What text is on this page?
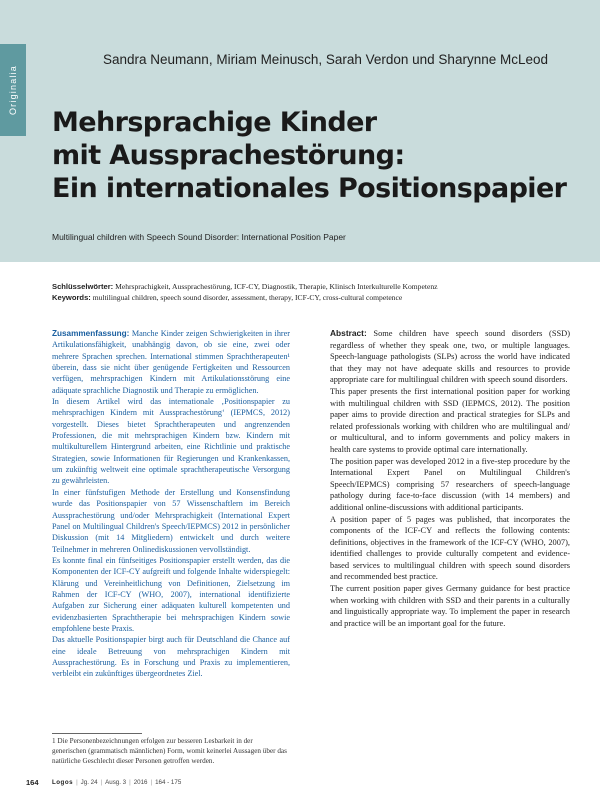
Originalia
Sandra Neumann, Miriam Meinusch, Sarah Verdon und Sharynne McLeod
Mehrsprachige Kinder
mit Aussprachestörung:
Ein internationales Positionspapier
Multilingual children with Speech Sound Disorder: International Position Paper
Schlüsselwörter: Mehrsprachigkeit, Aussprachestörung, ICF-CY, Diagnostik, Therapie, Klinisch Interkulturelle Kompetenz
Keywords: multilingual children, speech sound disorder, assessment, therapy, ICF-CY, cross-cultural competence

Zusammenfassung: Manche Kinder zeigen Schwierigkeiten in ihrer Artikulationsfähigkeit, unabhängig davon, ob sie eine, zwei oder mehrere Sprachen sprechen. International stimmen Sprachtherapeuten¹ überein, dass sie nicht über genügende Fertigkeiten und Ressourcen verfügen, mehrsprachigen Kindern mit Artikulationsstörung eine adäquate sprachliche Diagnostik und Therapie zu ermöglichen.

In diesem Artikel wird das internationale ‚Positionspapier zu mehrsprachigen Kindern mit Aussprachestörung‘ (IEPMCS, 2012) vorgestellt. Dieses bietet Sprachtherapeuten und angrenzenden Professionen, die mit mehrsprachigen Kindern bzw. Kindern mit multikulturellem Hintergrund arbeiten, eine Richtlinie und praktische Strategien, sowie Informationen für Regierungen und Krankenkassen, um zukünftig weltweit eine optimale sprachtherapeutische Versorgung zu gewährleisten.

In einer fünfstufigen Methode der Erstellung und Konsensfindung wurde das Positionspapier von 57 Wissenschaftlern im Bereich Aussprachestörung und/oder Mehrsprachigkeit (International Expert Panel on Multilingual Children's Speech/IEPMCS) 2012 in persönlicher Diskussion (mit 14 Mitgliedern) entwickelt und durch weitere Teilnehmer in mehreren Onlinediskussionen vervollständigt.

Es konnte final ein fünfseitiges Positionspapier erstellt werden, das die Komponenten der ICF-CY aufgreift und folgende Inhalte widerspiegelt: Klärung und Vereinheitlichung von Definitionen, Zielsetzung im Rahmen der ICF-CY (WHO, 2007), international identifizierte Aufgaben zur Sicherung einer adäquaten kulturell kompetenten und evidenzbasierten Sprachtherapie bei mehrsprachigen Kindern sowie empfohlene beste Praxis.

Das aktuelle Positionspapier birgt auch für Deutschland die Chance auf eine ideale Betreuung von mehrsprachigen Kindern mit Aussprachestörung. Es in Forschung und Praxis zu implementieren, verbleibt ein zukünftiges übergeordnetes Ziel.

Abstract: Some children have speech sound disorders (SSD) regardless of whether they speak one, two, or multiple languages. Speech-language pathologists (SLPs) across the world have indicated that they may not have adequate skills and resources to provide appropriate care for multilingual children with speech sound disorders.

This paper presents the first international position paper for working with multilingual children with SSD (IEPMCS, 2012). The position paper aims to provide direction and practical strategies for SLPs and related professionals working with children who are multilingual and/ or multicultural, and to inform governments and policy makers in health care systems to provide optimal care internationally.

The position paper was developed 2012 in a five-step procedure by the International Expert Panel on Multilingual Children's Speech/IEPMCS) comprising 57 researchers of speech-language pathology during face-to-face discussion (with 14 members) and additional online-discussions with additional participants.

A position paper of 5 pages was published, that incorporates the components of the ICF-CY and reflects the following contents: definitions, objectives in the framework of the ICF-CY (WHO, 2007), identified challenges to provide culturally competent and evidence-based services to multilingual children with speech sound disorders and recommended best practice.

The current position paper gives Germany guidance for best practice when working with children with SSD and their parents in a culturally and linguistically appropriate way. To implement the paper in research and practice will be an important goal for the future.

1 Die Personenbezeichnungen erfolgen zur besseren Lesbarkeit in der generischen (grammatisch männlichen) Form, womit keinerlei Aussagen über das natürliche Geschlecht dieser Personen getroffen werden.
164 Logos | Jg. 24 | Ausg. 3 | 2016 | 164 - 175
